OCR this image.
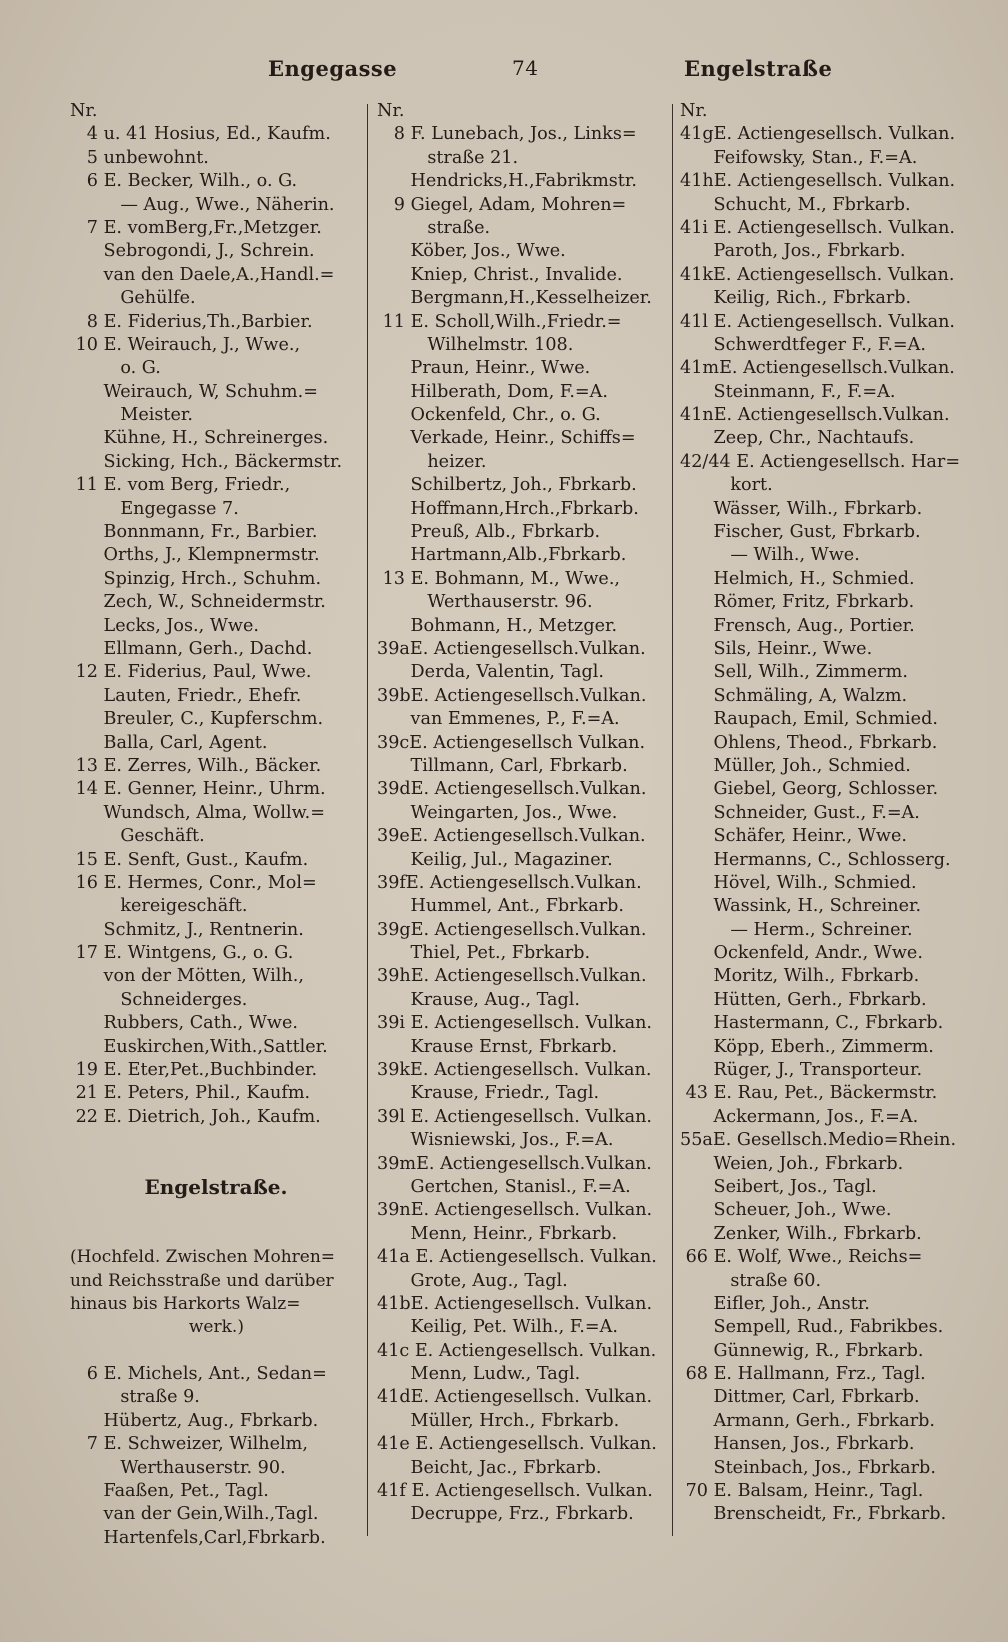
Engegasse	74	Engelstraße
Nr.
4 u. 41 Hosius, Ed., Kaufm.
5 unbewohnt.
6 E. Becker, Wilh., o. G.
— Aug., Wwe., Näherin.
7 E. vomBerg,Fr.,Metzger.
Sebrogondi, J., Schrein.
van den Daele,A.,Handl.=
Gehülfe.
8 E. Fiderius,Th.,Barbier.
10 E. Weirauch, J., Wwe.,
o. G.
Weirauch, W, Schuhm.=
Meister.
Kühne, H., Schreinerges.
Sicking, Hch., Bäckermstr.
11 E. vom Berg, Friedr.,
Engegasse 7.
Bonnmann, Fr., Barbier.
Orths, J., Klempnermstr.
Spinzig, Hrch., Schuhm.
Zech, W., Schneidermstr.
Lecks, Jos., Wwe.
Ellmann, Gerh., Dachd.
12 E. Fiderius, Paul, Wwe.
Lauten, Friedr., Ehefr.
Breuler, C., Kupferschm.
Balla, Carl, Agent.
13 E. Zerres, Wilh., Bäcker.
14 E. Genner, Heinr., Uhrm.
Wundsch, Alma, Wollw.=
Geschäft.
15 E. Senft, Gust., Kaufm.
16 E. Hermes, Conr., Mol=
kereigeschäft.
Schmitz, J., Rentnerin.
17 E. Wintgens, G., o. G.
von der Mötten, Wilh.,
Schneiderges.
Rubbers, Cath., Wwe.
Euskirchen,With.,Sattler.
19 E. Eter,Pet.,Buchbinder.
21 E. Peters, Phil., Kaufm.
22 E. Dietrich, Joh., Kaufm.
Engelstraße.
(Hochfeld. Zwischen Mohren=
und Reichsstraße und darüber
hinaus bis Harkorts Walz=
werk.)
6 E. Michels, Ant., Sedan=
straße 9.
Hübertz, Aug., Fbrkarb.
7 E. Schweizer, Wilhelm,
Werthauserstr. 90.
Faaßen, Pet., Tagl.
van der Gein,Wilh.,Tagl.
Hartenfels,Carl,Fbrkarb.
Nr.
8 F. Lunebach, Jos., Links=
straße 21.
Hendricks,H.,Fabrikmstr.
9 Giegel, Adam, Mohren=
straße.
Köber, Jos., Wwe.
Kniep, Christ., Invalide.
Bergmann,H.,Kesselheizer.
11 E. Scholl,Wilh.,Friedr.=
Wilhelmstr. 108.
Praun, Heinr., Wwe.
Hilberath, Dom, F.=A.
Ockenfeld, Chr., o. G.
Verkade, Heinr., Schiffs=
heizer.
Schilbertz, Joh., Fbrkarb.
Hoffmann,Hrch.,Fbrkarb.
Preuß, Alb., Fbrkarb.
Hartmann,Alb.,Fbrkarb.
13 E. Bohmann, M., Wwe.,
Werthauserstr. 96.
Bohmann, H., Metzger.
39aE. Actiengesellsch.Vulkan.
Derda, Valentin, Tagl.
39bE. Actiengesellsch.Vulkan.
van Emmenes, P., F.=A.
39cE. Actiengesellsch Vulkan.
Tillmann, Carl, Fbrkarb.
39dE. Actiengesellsch.Vulkan.
Weingarten, Jos., Wwe.
39eE. Actiengesellsch.Vulkan.
Keilig, Jul., Magaziner.
39fE. Actiengesellsch.Vulkan.
Hummel, Ant., Fbrkarb.
39gE. Actiengesellsch.Vulkan.
Thiel, Pet., Fbrkarb.
39hE. Actiengesellsch.Vulkan.
Krause, Aug., Tagl.
39i E. Actiengesellsch. Vulkan.
Krause Ernst, Fbrkarb.
39kE. Actiengesellsch. Vulkan.
Krause, Friedr., Tagl.
39l E. Actiengesellsch. Vulkan.
Wisniewski, Jos., F.=A.
39mE. Actiengesellsch.Vulkan.
Gertchen, Stanisl., F.=A.
39nE. Actiengesellsch. Vulkan.
Menn, Heinr., Fbrkarb.
41a E. Actiengesellsch. Vulkan.
Grote, Aug., Tagl.
41bE. Actiengesellsch. Vulkan.
Keilig, Pet. Wilh., F.=A.
41c E. Actiengesellsch. Vulkan.
Menn, Ludw., Tagl.
41dE. Actiengesellsch. Vulkan.
Müller, Hrch., Fbrkarb.
41e E. Actiengesellsch. Vulkan.
Beicht, Jac., Fbrkarb.
41f E. Actiengesellsch. Vulkan.
Decruppe, Frz., Fbrkarb.
Nr.
41gE. Actiengesellsch. Vulkan.
Feifowsky, Stan., F.=A.
41hE. Actiengesellsch. Vulkan.
Schucht, M., Fbrkarb.
41i E. Actiengesellsch. Vulkan.
Paroth, Jos., Fbrkarb.
41kE. Actiengesellsch. Vulkan.
Keilig, Rich., Fbrkarb.
41l E. Actiengesellsch. Vulkan.
Schwerdtfeger F., F.=A.
41mE. Actiengesellsch.Vulkan.
Steinmann, F., F.=A.
41nE. Actiengesellsch.Vulkan.
Zeep, Chr., Nachtaufs.
42/44 E. Actiengesellsch. Har=
kort.
Wässer, Wilh., Fbrkarb.
Fischer, Gust, Fbrkarb.
— Wilh., Wwe.
Helmich, H., Schmied.
Römer, Fritz, Fbrkarb.
Frensch, Aug., Portier.
Sils, Heinr., Wwe.
Sell, Wilh., Zimmerm.
Schmäling, A, Walzm.
Raupach, Emil, Schmied.
Ohlens, Theod., Fbrkarb.
Müller, Joh., Schmied.
Giebel, Georg, Schlosser.
Schneider, Gust., F.=A.
Schäfer, Heinr., Wwe.
Hermanns, C., Schlosserg.
Hövel, Wilh., Schmied.
Wassink, H., Schreiner.
— Herm., Schreiner.
Ockenfeld, Andr., Wwe.
Moritz, Wilh., Fbrkarb.
Hütten, Gerh., Fbrkarb.
Hastermann, C., Fbrkarb.
Köpp, Eberh., Zimmerm.
Rüger, J., Transporteur.
43 E. Rau, Pet., Bäckermstr.
Ackermann, Jos., F.=A.
55aE. Gesellsch.Medio=Rhein.
Weien, Joh., Fbrkarb.
Seibert, Jos., Tagl.
Scheuer, Joh., Wwe.
Zenker, Wilh., Fbrkarb.
66 E. Wolf, Wwe., Reichs=
straße 60.
Eifler, Joh., Anstr.
Sempell, Rud., Fabrikbes.
Günnewig, R., Fbrkarb.
68 E. Hallmann, Frz., Tagl.
Dittmer, Carl, Fbrkarb.
Armann, Gerh., Fbrkarb.
Hansen, Jos., Fbrkarb.
Steinbach, Jos., Fbrkarb.
70 E. Balsam, Heinr., Tagl.
Brenscheidt, Fr., Fbrkarb.
